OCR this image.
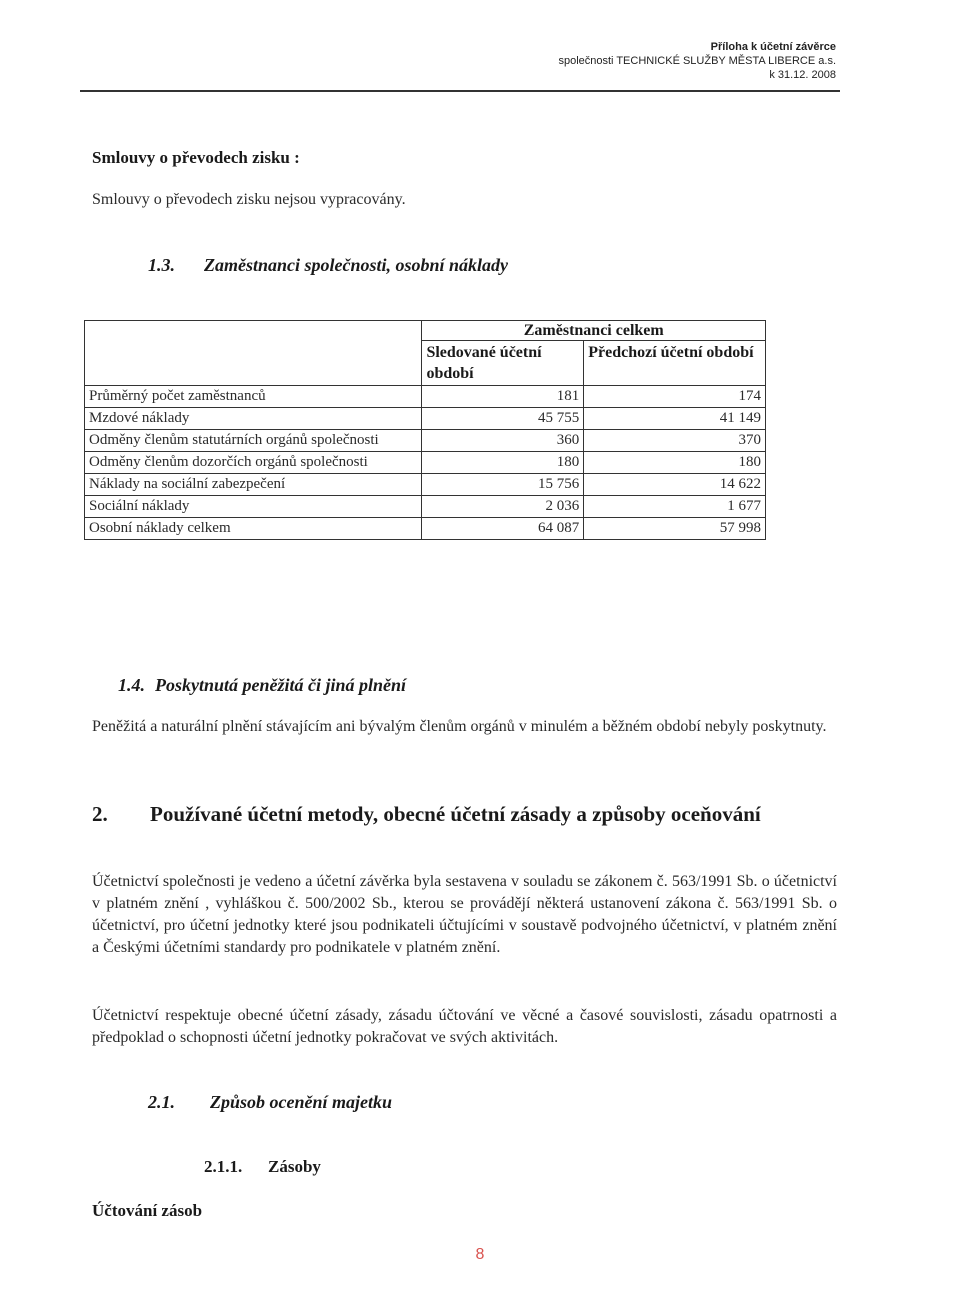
Příloha k účetní závěrce
společnosti TECHNICKÉ SLUŽBY MĚSTA LIBERCE a.s.
k 31.12. 2008
Smlouvy o převodech zisku :
Smlouvy o převodech zisku nejsou vypracovány.
1.3. Zaměstnanci společnosti, osobní náklady
	Zaměstnanci celkem	
	Sledované účetní období	Předchozí účetní období
Průměrný počet zaměstnanců	181	174
Mzdové náklady	45 755	41 149
Odměny členům statutárních orgánů společnosti	360	370
Odměny členům dozorčích orgánů společnosti	180	180
Náklady na sociální zabezpečení	15 756	14 622
Sociální náklady	2 036	1 677
Osobní náklady celkem	64 087	57 998
1.4. Poskytnutá peněžitá či jiná plnění
Peněžitá a naturální plnění stávajícím ani bývalým členům orgánů v minulém a běžném období nebyly poskytnuty.
2. Používané účetní metody, obecné účetní zásady a způsoby oceňování
Účetnictví společnosti je vedeno a účetní závěrka byla sestavena v souladu se zákonem č. 563/1991 Sb. o účetnictví v platném znění , vyhláškou č. 500/2002 Sb., kterou se provádějí některá ustanovení zákona č. 563/1991 Sb. o účetnictví, pro účetní jednotky které jsou podnikateli účtujícími v soustavě podvojného účetnictví, v platném znění a Českými účetními standardy pro podnikatele v platném znění.
Účetnictví respektuje obecné účetní zásady, zásadu účtování ve věcné a časové souvislosti, zásadu opatrnosti a předpoklad o schopnosti účetní jednotky pokračovat ve svých aktivitách.
2.1. Způsob ocenění majetku
2.1.1. Zásoby
Účtování zásob
8
